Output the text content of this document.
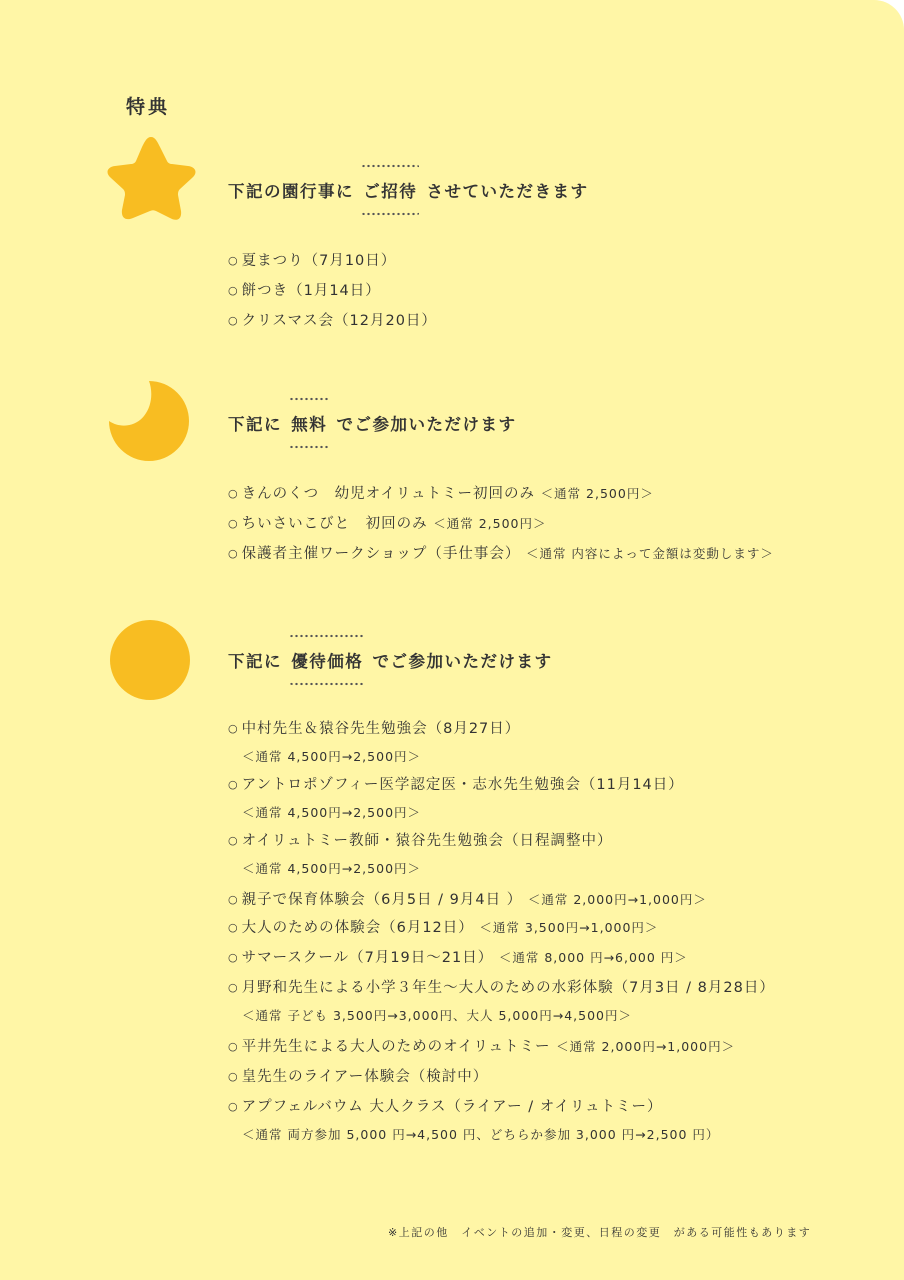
特典
下記の園行事に ご招待 させていただきます
○ 夏まつり（7月10日）
○ 餅つき（1月14日）
○ クリスマス会（12月20日）
下記に 無料 でご参加いただけます
○ きんのくつ　幼児オイリュトミー初回のみ ＜通常 2,500円＞
○ ちいさいこびと　初回のみ ＜通常 2,500円＞
○ 保護者主催ワークショップ（手仕事会） ＜通常 内容によって金額は変動します＞
下記に 優待価格 でご参加いただけます
○ 中村先生＆猿谷先生勉強会（8月27日）
＜通常 4,500円→2,500円＞
○ アントロポゾフィー医学認定医・志水先生勉強会（11月14日）
＜通常 4,500円→2,500円＞
○ オイリュトミー教師・猿谷先生勉強会（日程調整中）
＜通常 4,500円→2,500円＞
○ 親子で保育体験会（6月5日 / 9月4日 ） ＜通常 2,000円→1,000円＞
○ 大人のための体験会（6月12日） ＜通常 3,500円→1,000円＞
○ サマースクール（7月19日～21日） ＜通常 8,000 円→6,000 円＞
○ 月野和先生による小学３年生～大人のための水彩体験（7月3日 / 8月28日）
＜通常 子ども 3,500円→3,000円、大人 5,000円→4,500円＞
○ 平井先生による大人のためのオイリュトミー ＜通常 2,000円→1,000円＞
○ 皇先生のライアー体験会（検討中）
○ アプフェルバウム 大人クラス（ライアー / オイリュトミー）
＜通常 両方参加 5,000 円→4,500 円、どちらか参加 3,000 円→2,500 円）
※上記の他　イベントの追加・変更、日程の変更　がある可能性もあります
